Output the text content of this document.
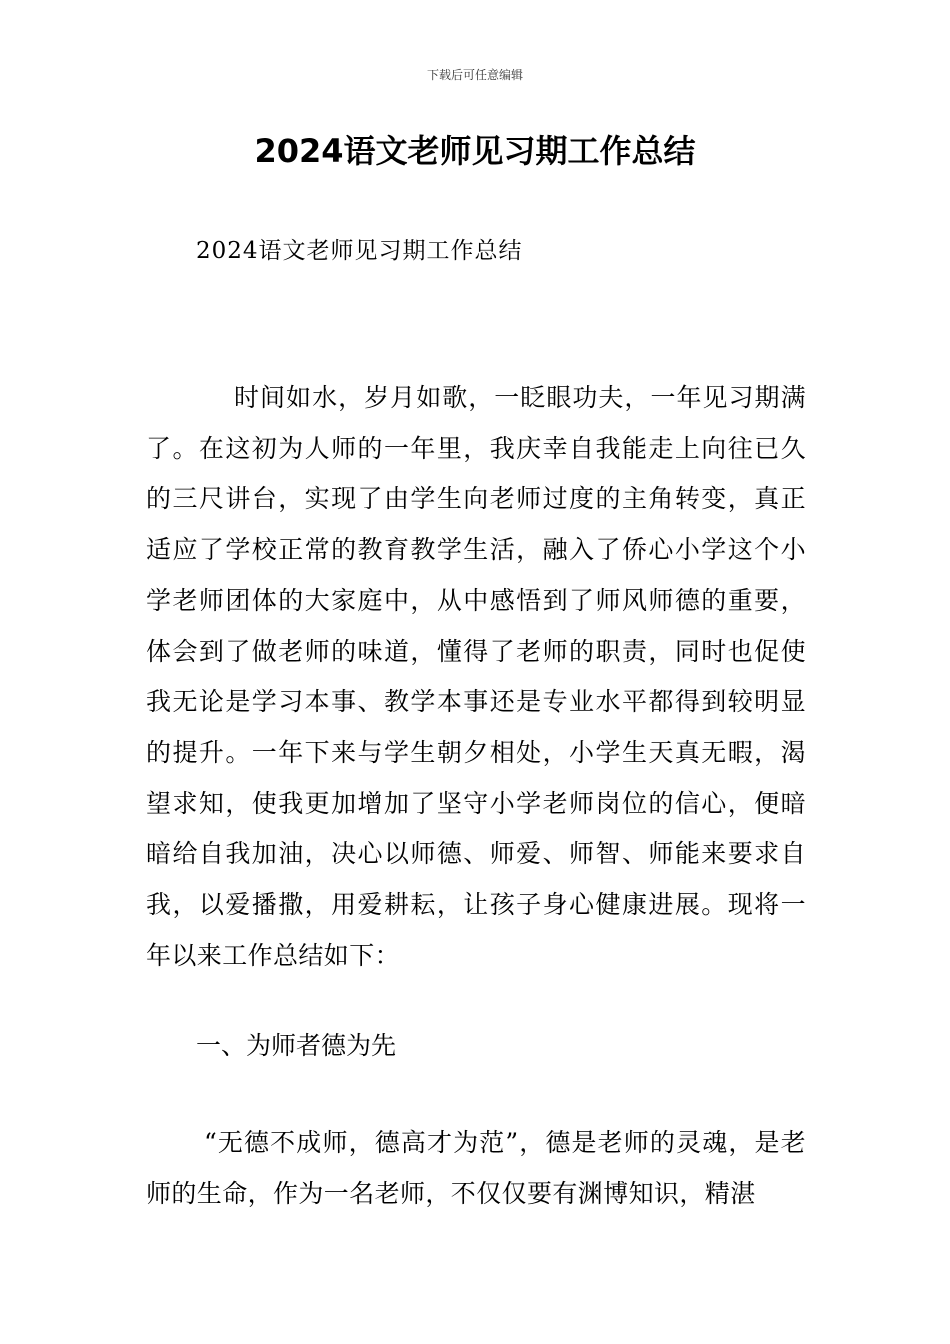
下载后可任意编辑
2024语文老师见习期工作总结
2024语文老师见习期工作总结

时间如水，岁月如歌，一眨眼功夫，一年见习期满了。在这初为人师的一年里，我庆幸自我能走上向往已久的三尺讲台，实现了由学生向老师过度的主角转变，真正适应了学校正常的教育教学生活，融入了侨心小学这个小学老师团体的大家庭中，从中感悟到了师风师德的重要，体会到了做老师的味道，懂得了老师的职责，同时也促使我无论是学习本事、教学本事还是专业水平都得到较明显的提升。一年下来与学生朝夕相处，小学生天真无暇，渴望求知，使我更加增加了坚守小学老师岗位的信心，便暗暗给自我加油，决心以师德、师爱、师智、师能来要求自我，以爱播撒，用爱耕耘，让孩子身心健康进展。现将一年以来工作总结如下：

一、为师者德为先

“无德不成师，德高才为范”，德是老师的灵魂，是老师的生命，作为一名老师，不仅仅要有渊博知识，精湛
